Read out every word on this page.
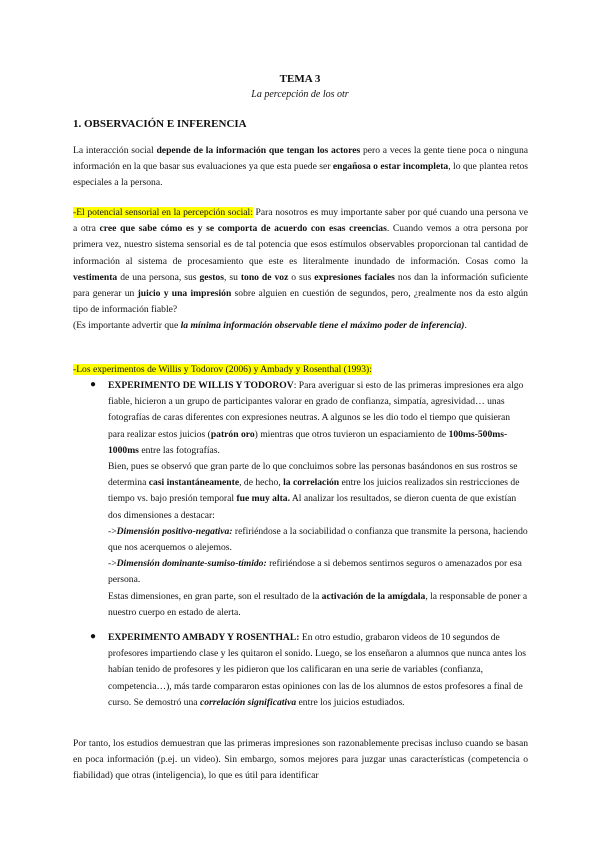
TEMA 3
La percepción de los otr
1. OBSERVACIÓN E INFERENCIA
La interacción social depende de la información que tengan los actores pero a veces la gente tiene poca o ninguna información en la que basar sus evaluaciones ya que esta puede ser engañosa o estar incompleta, lo que plantea retos especiales a la persona.
-El potencial sensorial en la percepción social: Para nosotros es muy importante saber por qué cuando una persona ve a otra cree que sabe cómo es y se comporta de acuerdo con esas creencias. Cuando vemos a otra persona por primera vez, nuestro sistema sensorial es de tal potencia que esos estímulos observables proporcionan tal cantidad de información al sistema de procesamiento que este es literalmente inundado de información. Cosas como la vestimenta de una persona, sus gestos, su tono de voz o sus expresiones faciales nos dan la información suficiente para generar un juicio y una impresión sobre alguien en cuestión de segundos, pero, ¿realmente nos da esto algún tipo de información fiable?
(Es importante advertir que la mínima información observable tiene el máximo poder de inferencia).
-Los experimentos de Willis y Todorov (2006) y Ambady y Rosenthal (1993):
● EXPERIMENTO DE WILLIS Y TODOROV: Para averiguar si esto de las primeras impresiones era algo fiable, hicieron a un grupo de participantes valorar en grado de confianza, simpatía, agresividad… unas fotografías de caras diferentes con expresiones neutras. A algunos se les dio todo el tiempo que quisieran para realizar estos juicios (patrón oro) mientras que otros tuvieron un espaciamiento de 100ms-500ms-1000ms entre las fotografías.
Bien, pues se observó que gran parte de lo que concluimos sobre las personas basándonos en sus rostros se determina casi instantáneamente, de hecho, la correlación entre los juicios realizados sin restricciones de tiempo vs. bajo presión temporal fue muy alta. Al analizar los resultados, se dieron cuenta de que existían dos dimensiones a destacar:
->Dimensión positivo-negativa: refiriéndose a la sociabilidad o confianza que transmite la persona, haciendo que nos acerquemos o alejemos.
->Dimensión dominante-sumiso-tímido: refiriéndose a si debemos sentirnos seguros o amenazados por esa persona.
Estas dimensiones, en gran parte, son el resultado de la activación de la amígdala, la responsable de poner a nuestro cuerpo en estado de alerta.
● EXPERIMENTO AMBADY Y ROSENTHAL: En otro estudio, grabaron videos de 10 segundos de profesores impartiendo clase y les quitaron el sonido. Luego, se los enseñaron a alumnos que nunca antes los habían tenido de profesores y les pidieron que los calificaran en una serie de variables (confianza, competencia…), más tarde compararon estas opiniones con las de los alumnos de estos profesores a final de curso. Se demostró una correlación significativa entre los juicios estudiados.
Por tanto, los estudios demuestran que las primeras impresiones son razonablemente precisas incluso cuando se basan en poca información (p.ej. un video). Sin embargo, somos mejores para juzgar unas características (competencia o fiabilidad) que otras (inteligencia), lo que es útil para identificar
